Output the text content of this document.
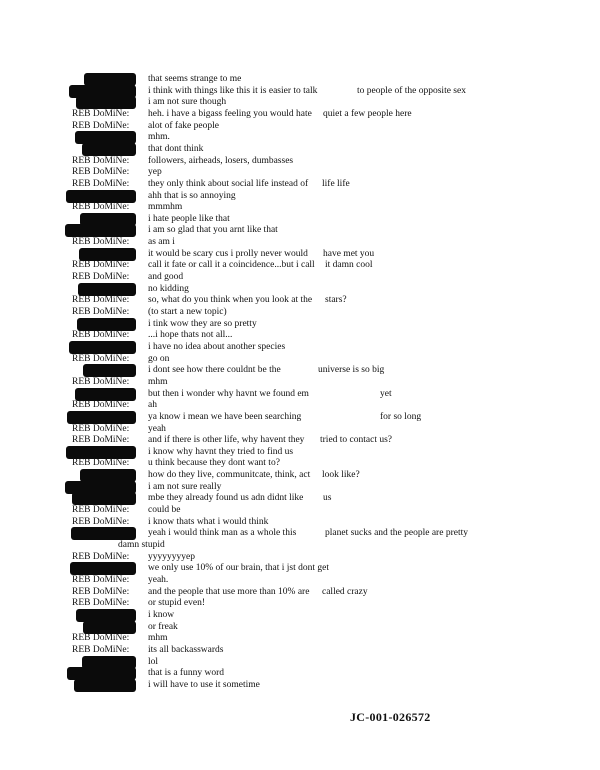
that seems strange to me
i think with things like this it is easier to talk	to people of the opposite sex
i am not sure though
REB DoMiNe:	heh. i have a bigass feeling you would hate quiet a few people here
REB DoMiNe:	alot of fake people
mhm.
that dont think
REB DoMiNe:	followers, airheads, losers, dumbasses
REB DoMiNe:	yep
REB DoMiNe:	they only think about social life instead of life life
ahh that is so annoying
REB DoMiNe:	mmmhm
i hate people like that
i am so glad that you arnt like that
REB DoMiNe:	as am i
it would be scary cus i prolly never would have met you
REB DoMiNe:	call it fate or call it a coincidence...but i call it damn cool
REB DoMiNe:	and good
no kidding
REB DoMiNe:	so, what do you think when you look at the stars?
REB DoMiNe:	(to start a new topic)
i tink wow they are so pretty
REB DoMiNe:	...i hope thats not all...
i have no idea about another species
REB DoMiNe:	go on
i dont see how there couldnt be the	universe is so big
REB DoMiNe:	mhm
but then i wonder why havnt we found em	yet
REB DoMiNe:	ah
ya know i mean we have been searching	for so long
REB DoMiNe:	yeah
REB DoMiNe:	and if there is other life, why havent they tried to contact us?
i know why havnt they tried to find us
REB DoMiNe:	u think because they dont want to?
how do they live, communitcate, think, act look like?
i am not sure really
mbe they already found us adn didnt like us
REB DoMiNe:	could be
REB DoMiNe:	i know thats what i would think
yeah i would think man as a whole this	planet sucks and the people are pretty
damn stupid
REB DoMiNe:	yyyyyyyyep
we only use 10% of our brain, that i jst dont get
REB DoMiNe:	yeah.
REB DoMiNe:	and the people that use more than 10% are called crazy
REB DoMiNe:	or stupid even!
i know
or freak
REB DoMiNe:	mhm
REB DoMiNe:	its all backasswards
lol
that is a funny word
i will have to use it sometime
JC-001-026572
